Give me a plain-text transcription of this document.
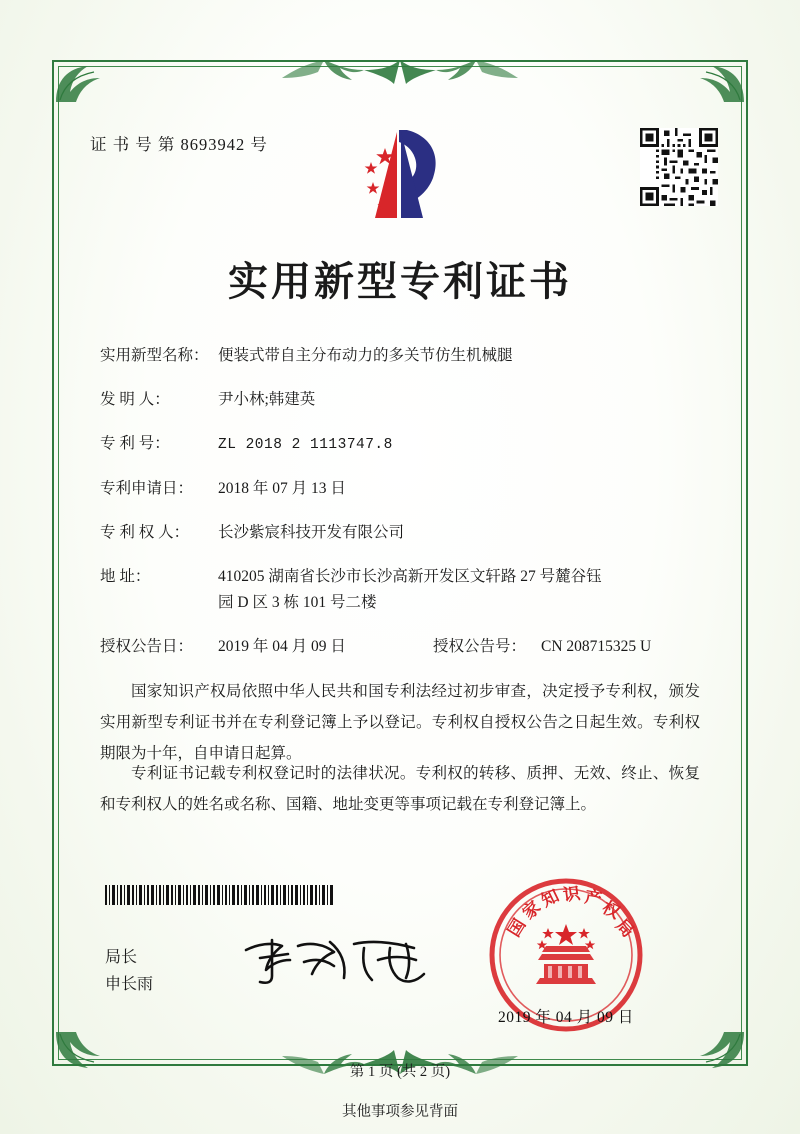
证 书 号 第 8693942 号
实用新型专利证书
实用新型名称： 便装式带自主分布动力的多关节仿生机械腿
发 明 人：	尹小林;韩建英
专 利 号：	ZL 2018 2 1113747.8
专利申请日：	2018 年 07 月 13 日
专 利 权 人：	长沙紫宸科技开发有限公司
地 址：	410205 湖南省长沙市长沙高新开发区文轩路 27 号麓谷钰
园 D 区 3 栋 101 号二楼
授权公告日：	2019 年 04 月 09 日	授权公告号： CN 208715325 U
国家知识产权局依照中华人民共和国专利法经过初步审查，决定授予专利权，颁发实用新型专利证书并在专利登记簿上予以登记。专利权自授权公告之日起生效。专利权期限为十年，自申请日起算。
专利证书记载专利权登记时的法律状况。专利权的转移、质押、无效、终止、恢复和专利权人的姓名或名称、国籍、地址变更等事项记载在专利登记簿上。
局长
申长雨
国
家
知 识 产
权
局
2019 年 04 月 09 日
第 1 页 (共 2 页)
其他事项参见背面
